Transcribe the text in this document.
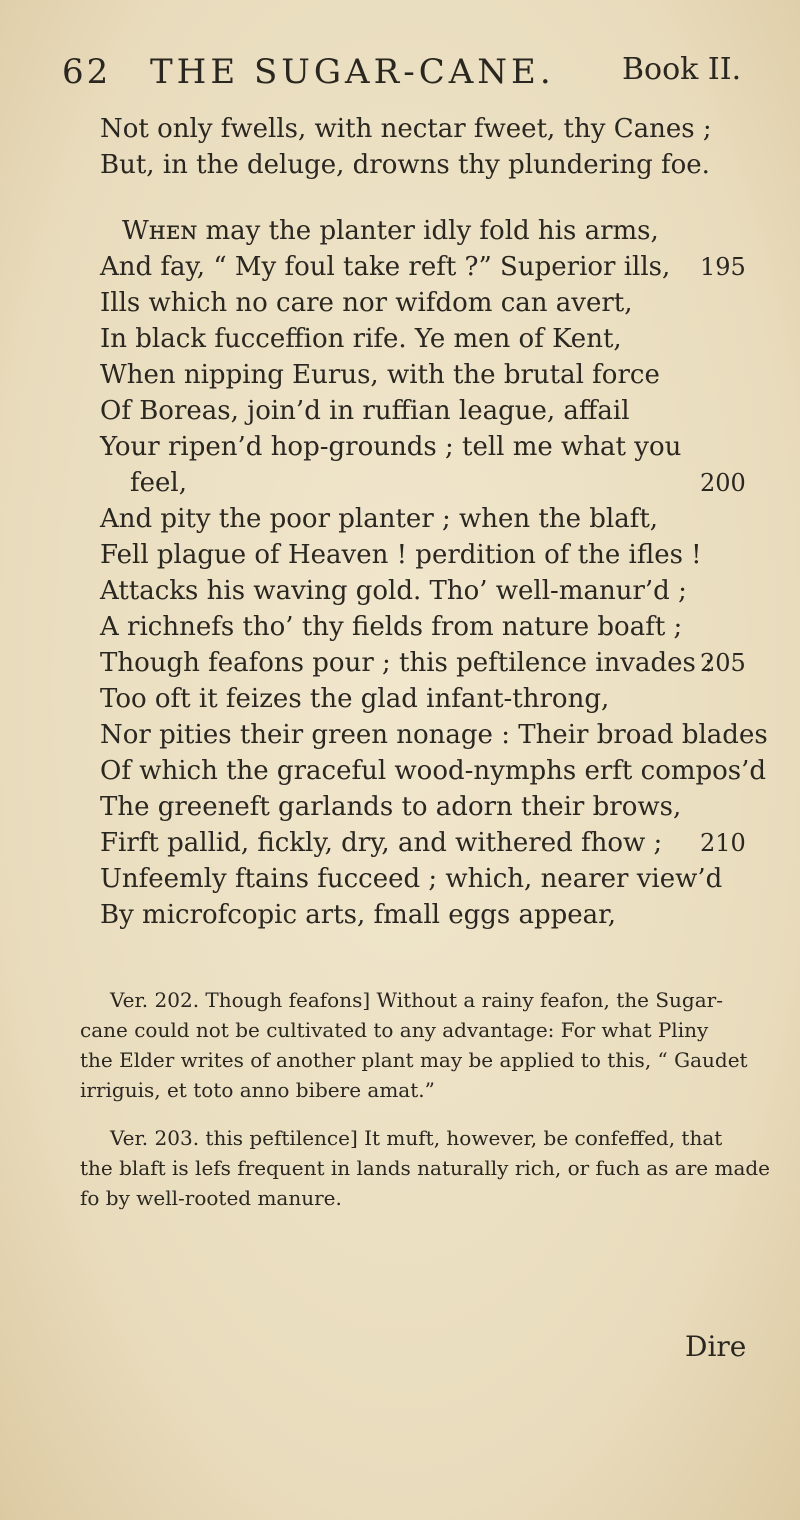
62 THE SUGAR-CANE. Book II.
Not only fwells, with nectar fweet, thy Canes ;
But, in the deluge, drowns thy plundering foe.
Wʜᴇɴ may the planter idly fold his arms,
And fay, “ My foul take reft ?” Superior ills,
Ills which no care nor wifdom can avert,
In black fucceffion rife. Ye men of Kent,
When nipping Eurus, with the brutal force
Of Boreas, join’d in ruffian league, affail
Your ripen’d hop-grounds ; tell me what you
feel,
And pity the poor planter ; when the blaft,
Fell plague of Heaven ! perdition of the ifles !
Attacks his waving gold. Tho’ well-manur’d ;
A richnefs tho’ thy fields from nature boaft ;
Though feafons pour ; this peftilence invades :
Too oft it feizes the glad infant-throng,
Nor pities their green nonage : Their broad blades
Of which the graceful wood-nymphs erft compos’d
The greeneft garlands to adorn their brows,
Firft pallid, fickly, dry, and withered fhow ;
Unfeemly ftains fucceed ; which, nearer view’d
By microfcopic arts, fmall eggs appear,
195
200
205
210
Ver. 202. Though feafons] Without a rainy feafon, the Sugar-
cane could not be cultivated to any advantage: For what Pliny
the Elder writes of another plant may be applied to this, “ Gaudet
irriguis, et toto anno bibere amat.”
Ver. 203. this peftilence] It muft, however, be confeffed, that
the blaft is lefs frequent in lands naturally rich, or fuch as are made
fo by well-rooted manure.
Dire
